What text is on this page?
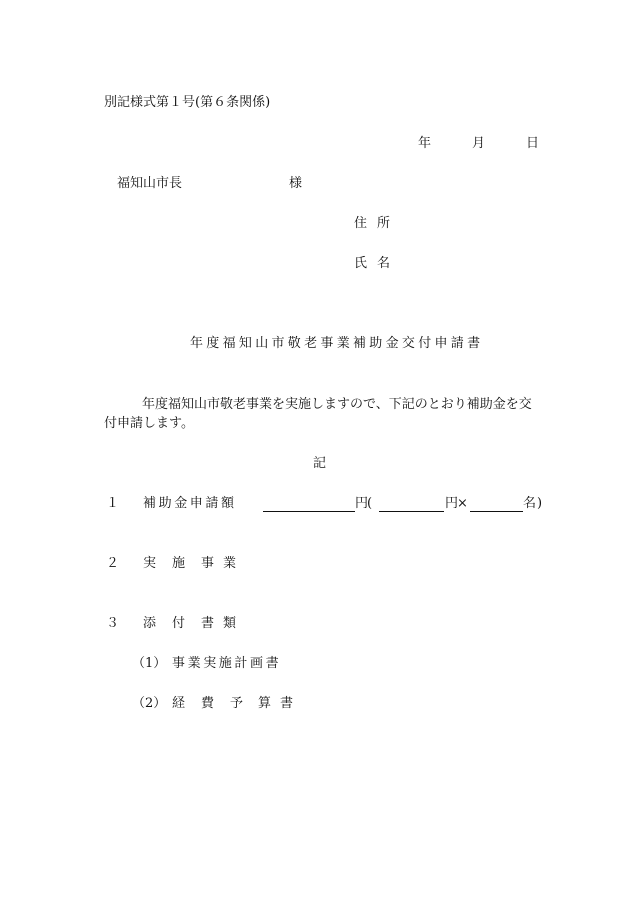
別記様式第１号(第６条関係)
年	月	日
福知山市長	様
住所
氏名
年度福知山市敬老事業補助金交付申請書
年度福知山市敬老事業を実施しますので、下記のとおり補助金を交付申請します。
記
１ 補助金申請額	円
(	円
×	名 )
２ 実 施 事 業
３ 添 付 書 類
（1） 事業実施計画書
（2） 経 費 予 算 書
